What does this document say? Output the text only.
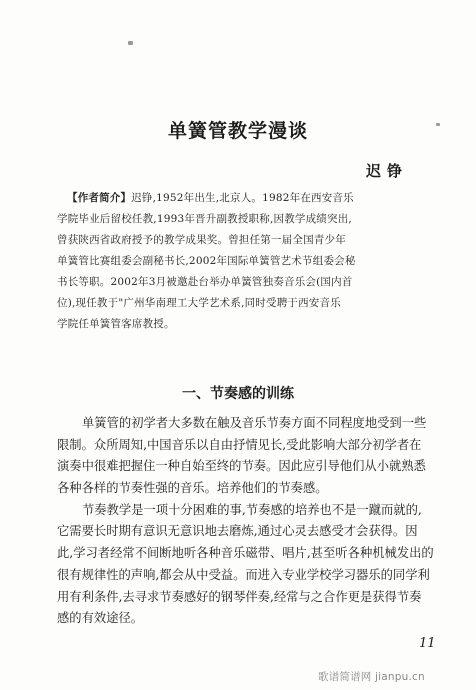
单簧管教学漫谈
迟铮
【作者简介】迟铮,1952年出生,北京人。1982年在西安音乐
学院毕业后留校任教,1993年晋升副教授职称,因教学成绩突出,
曾获陕西省政府授予的教学成果奖。曾担任第一届全国青少年
单簧管比赛组委会副秘书长,2002年国际单簧管艺术节组委会秘
书长等职。2002年3月被邀赴台举办单簧管独奏音乐会(国内首
位),现任教于"广州华南理工大学艺术系,同时受聘于西安音乐
学院任单簧管客席教授。
一、节奏感的训练
单簧管的初学者大多数在触及音乐节奏方面不同程度地受到一些
限制。众所周知,中国音乐以自由抒情见长,受此影响大部分初学者在
演奏中很难把握住一种自始至终的节奏。因此应引导他们从小就熟悉
各种各样的节奏性强的音乐。培养他们的节奏感。
节奏教学是一项十分困难的事,节奏感的培养也不是一蹴而就的,
它需要长时期有意识无意识地去磨炼,通过心灵去感受才会获得。因
此,学习者经常不间断地听各种音乐磁带、唱片,甚至听各种机械发出的
很有规律性的声响,都会从中受益。而进入专业学校学习器乐的同学利
用有利条件,去寻求节奏感好的钢琴伴奏,经常与之合作更是获得节奏
感的有效途径。
11
歌谱简谱网 jianpu.cn
